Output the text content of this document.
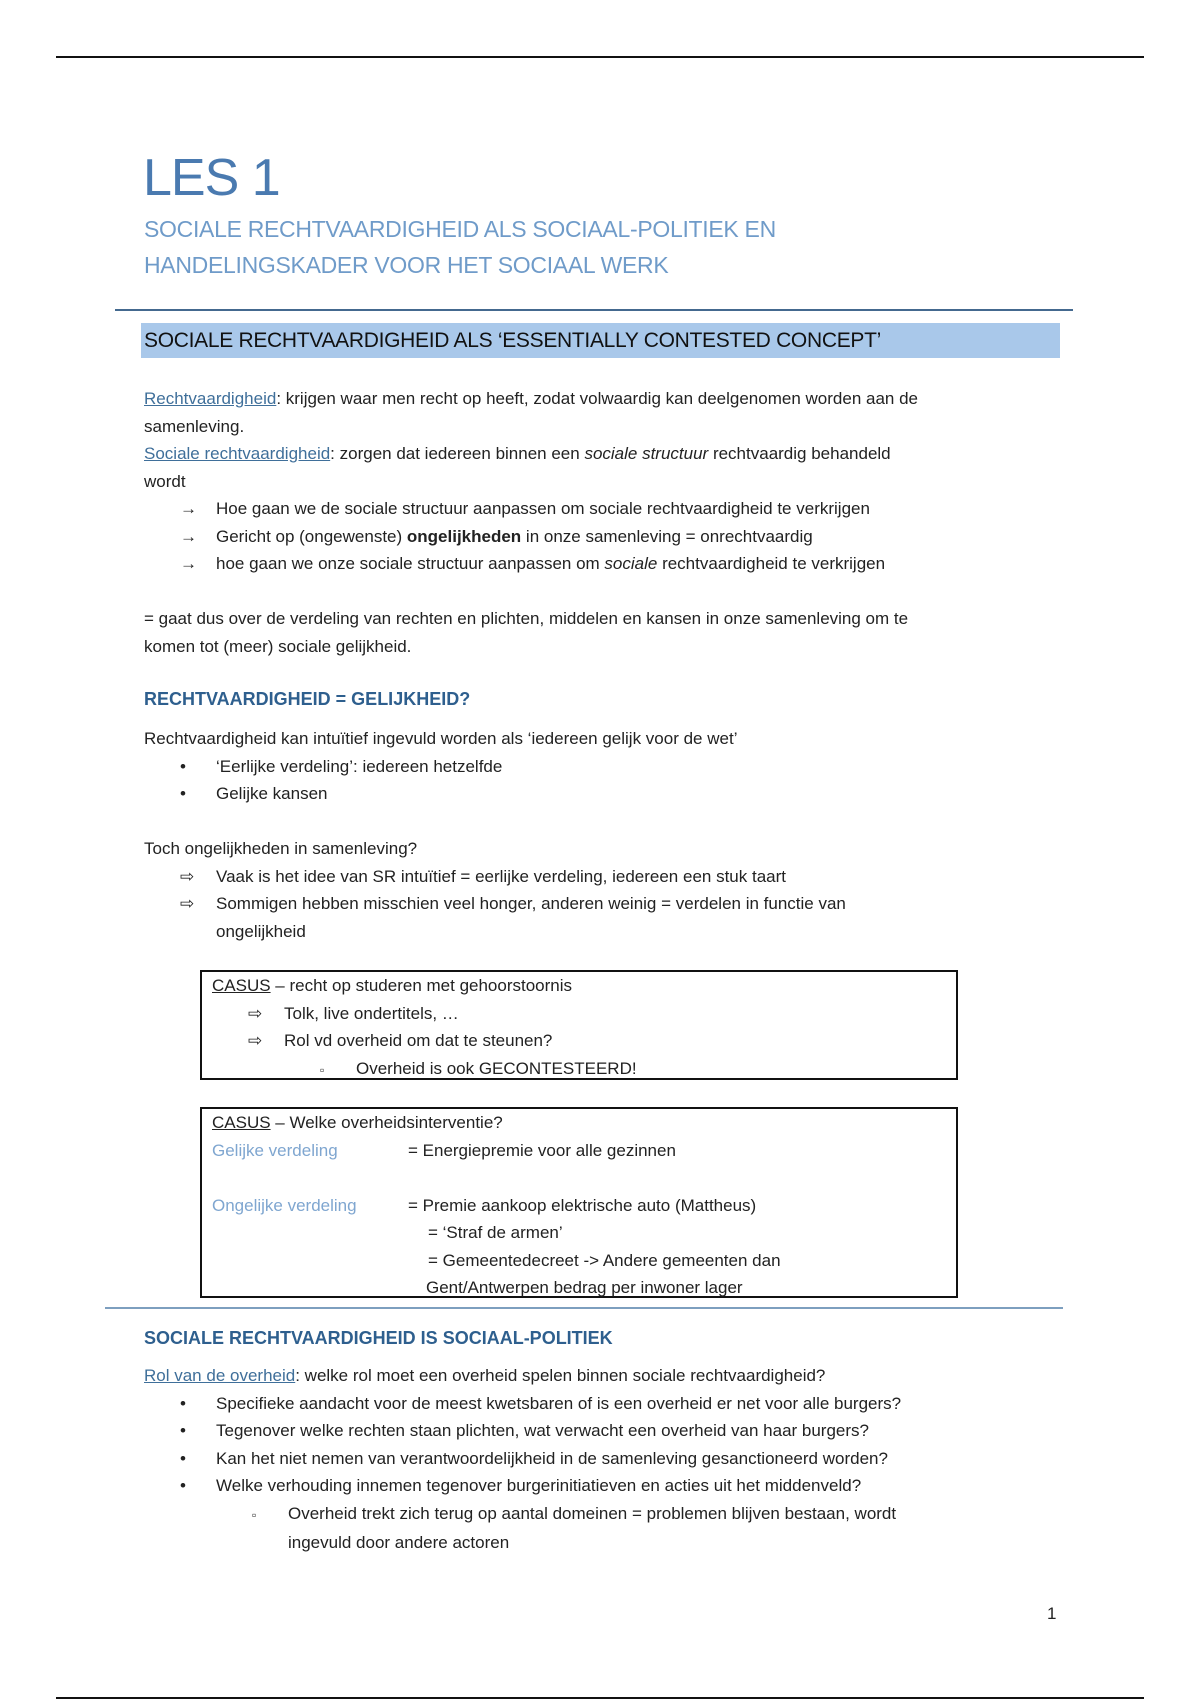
LES 1
SOCIALE RECHTVAARDIGHEID ALS SOCIAAL-POLITIEK EN
HANDELINGSKADER VOOR HET SOCIAAL WERK
SOCIALE RECHTVAARDIGHEID ALS ‘ESSENTIALLY CONTESTED CONCEPT’
Rechtvaardigheid: krijgen waar men recht op heeft, zodat volwaardig kan deelgenomen worden aan de
samenleving.
Sociale rechtvaardigheid: zorgen dat iedereen binnen een sociale structuur rechtvaardig behandeld
wordt
→ Hoe gaan we de sociale structuur aanpassen om sociale rechtvaardigheid te verkrijgen
→ Gericht op (ongewenste) ongelijkheden in onze samenleving = onrechtvaardig
→ hoe gaan we onze sociale structuur aanpassen om sociale rechtvaardigheid te verkrijgen
= gaat dus over de verdeling van rechten en plichten, middelen en kansen in onze samenleving om te
komen tot (meer) sociale gelijkheid.
RECHTVAARDIGHEID = GELIJKHEID?
Rechtvaardigheid kan intuïtief ingevuld worden als ‘iedereen gelijk voor de wet’
• ‘Eerlijke verdeling’: iedereen hetzelfde
• Gelijke kansen
Toch ongelijkheden in samenleving?
⇨ Vaak is het idee van SR intuïtief = eerlijke verdeling, iedereen een stuk taart
⇨ Sommigen hebben misschien veel honger, anderen weinig = verdelen in functie van
ongelijkheid
CASUS – recht op studeren met gehoorstoornis
⇨ Tolk, live ondertitels, …
⇨ Rol vd overheid om dat te steunen?
▫ Overheid is ook GECONTESTEERD!
CASUS – Welke overheidsinterventie?
Gelijke verdeling	= Energiepremie voor alle gezinnen
Ongelijke verdeling	= Premie aankoop elektrische auto (Mattheus)
= ‘Straf de armen’
= Gemeentedecreet -> Andere gemeenten dan
Gent/Antwerpen bedrag per inwoner lager
SOCIALE RECHTVAARDIGHEID IS SOCIAAL-POLITIEK
Rol van de overheid: welke rol moet een overheid spelen binnen sociale rechtvaardigheid?
• Specifieke aandacht voor de meest kwetsbaren of is een overheid er net voor alle burgers?
• Tegenover welke rechten staan plichten, wat verwacht een overheid van haar burgers?
• Kan het niet nemen van verantwoordelijkheid in de samenleving gesanctioneerd worden?
• Welke verhouding innemen tegenover burgerinitiatieven en acties uit het middenveld?
▫ Overheid trekt zich terug op aantal domeinen = problemen blijven bestaan, wordt
ingevuld door andere actoren
1
